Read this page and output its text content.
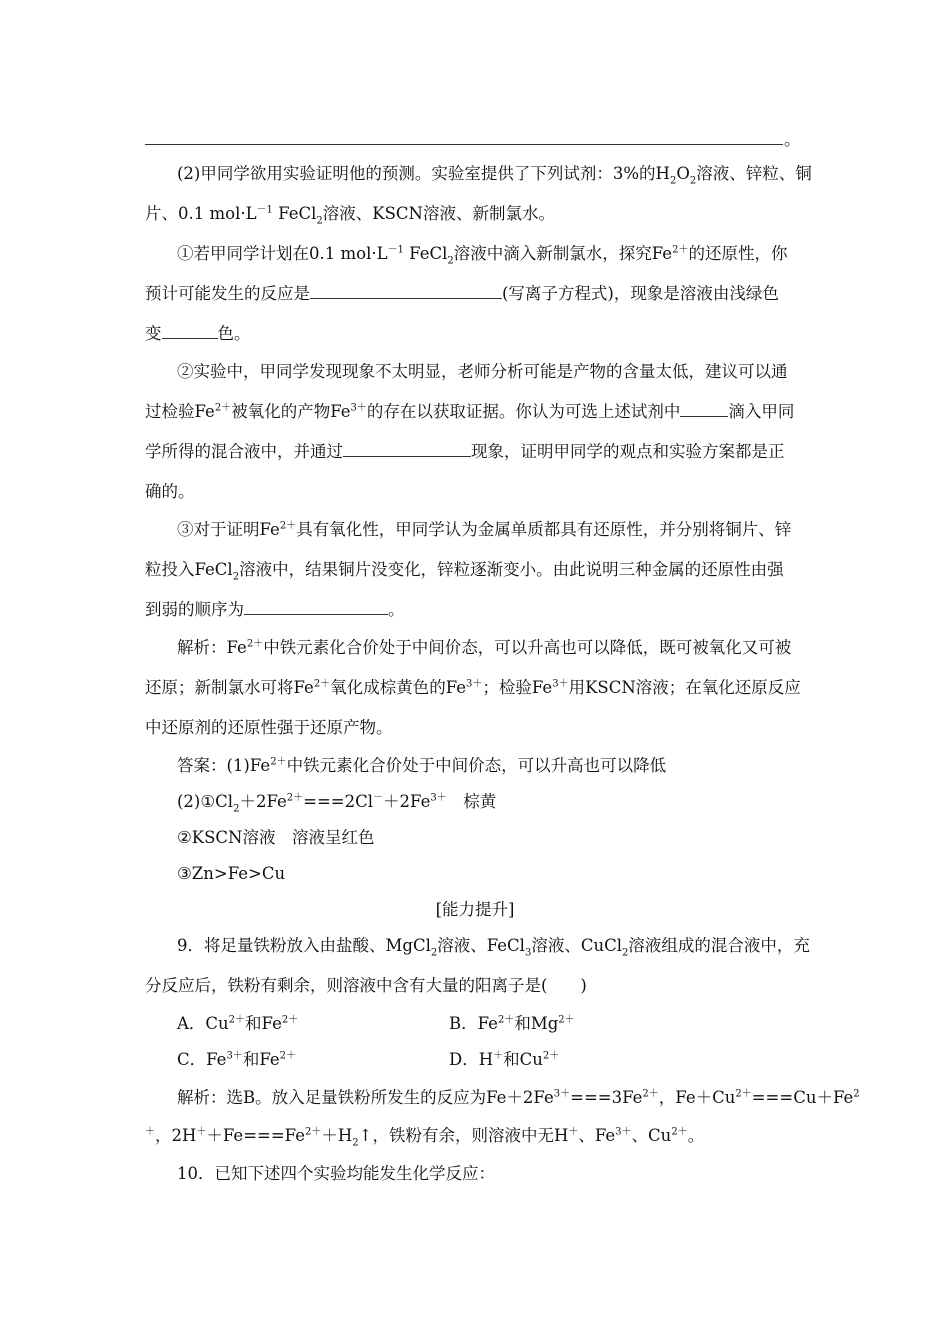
。
(2)甲同学欲用实验证明他的预测。实验室提供了下列试剂：3%的$H_2O_2$溶液、锌粒、铜
片、0.1 $mol\cdot L^{-1}$ FeCl$_2$溶液、KSCN溶液、新制氯水。
①若甲同学计划在0.1 $mol\cdot L^{-1}$ FeCl$_2$溶液中滴入新制氯水，探究$Fe^{2+}$的还原性，你
预计可能发生的反应是	(写离子方程式)，现象是溶液由浅绿色
变	色。
②实验中，甲同学发现现象不太明显，老师分析可能是产物的含量太低，建议可以通
过检验$Fe^{2+}$被氧化的产物$Fe^{3+}$的存在以获取证据。你认为可选上述试剂中	滴入甲同
学所得的混合液中，并通过	现象，证明甲同学的观点和实验方案都是正
确的。
③对于证明$Fe^{2+}$具有氧化性，甲同学认为金属单质都具有还原性，并分别将铜片、锌
粒投入FeCl$_2$溶液中，结果铜片没变化，锌粒逐渐变小。由此说明三种金属的还原性由强
到弱的顺序为	。
解析：$Fe^{2+}$中铁元素化合价处于中间价态，可以升高也可以降低，既可被氧化又可被
还原；新制氯水可将$Fe^{2+}$氧化成棕黄色的$Fe^{3+}$；检验$Fe^{3+}$用KSCN溶液；在氧化还原反应
中还原剂的还原性强于还原产物。
答案：$(1)Fe^{2+}$中铁元素化合价处于中间价态，可以升高也可以降低
$(2)①Cl_2+2Fe^{2+}===2Cl^-+2Fe^{3+}$　棕黄
②KSCN溶液　溶液呈红色
③Zn>Fe>Cu
[能力提升]
9．将足量铁粉放入由盐酸、MgCl$_2$溶液、FeCl$_3$溶液、CuCl$_2$溶液组成的混合液中，充
分反应后，铁粉有剩余，则溶液中含有大量的阳离子是(　　)
A．$Cu^{2+}$和$Fe^{2+}$	B．$Fe^{2+}$和$Mg^{2+}$
C．$Fe^{3+}$和$Fe^{2+}$	D．H＋和$Cu^{2+}$
解析：选B。放入足量铁粉所发生的反应为$Fe+2Fe^{3+}===3Fe^{2+}$，$Fe+Cu^{2+}===Cu+Fe^2$
＋，$2H^++Fe===Fe^{2+}+H_2↑$，铁粉有余，则溶液中无H＋、$Fe^{3+}$、$Cu^{2+}$。
10．已知下述四个实验均能发生化学反应：
